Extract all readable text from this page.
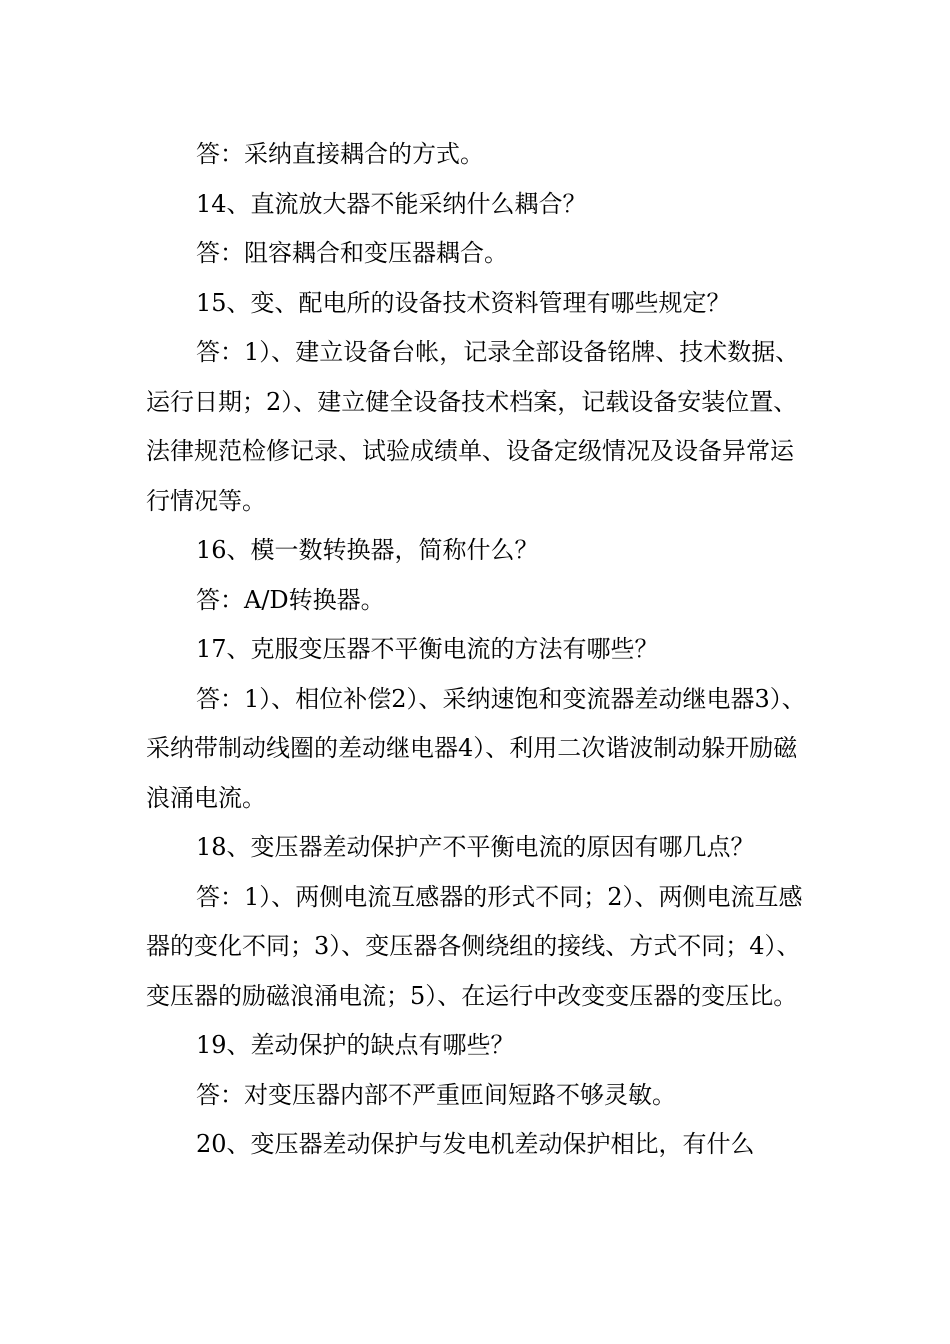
答：采纳直接耦合的方式。

14、直流放大器不能采纳什么耦合？

答：阻容耦合和变压器耦合。

15、变、配电所的设备技术资料管理有哪些规定？

答：1）、建立设备台帐，记录全部设备铭牌、技术数据、运行日期；2）、建立健全设备技术档案，记载设备安装位置、法律规范检修记录、试验成绩单、设备定级情况及设备异常运行情况等。

16、模一数转换器，简称什么？

答：A/D转换器。

17、克服变压器不平衡电流的方法有哪些？

答：1）、相位补偿2）、采纳速饱和变流器差动继电器3）、采纳带制动线圈的差动继电器4）、利用二次谐波制动躲开励磁浪涌电流。

18、变压器差动保护产不平衡电流的原因有哪几点？

答：1）、两侧电流互感器的形式不同；2）、两侧电流互感器的变化不同；3）、变压器各侧绕组的接线、方式不同；4）、变压器的励磁浪涌电流；5）、在运行中改变变压器的变压比。

19、差动保护的缺点有哪些？

答：对变压器内部不严重匝间短路不够灵敏。

20、变压器差动保护与发电机差动保护相比，有什么
